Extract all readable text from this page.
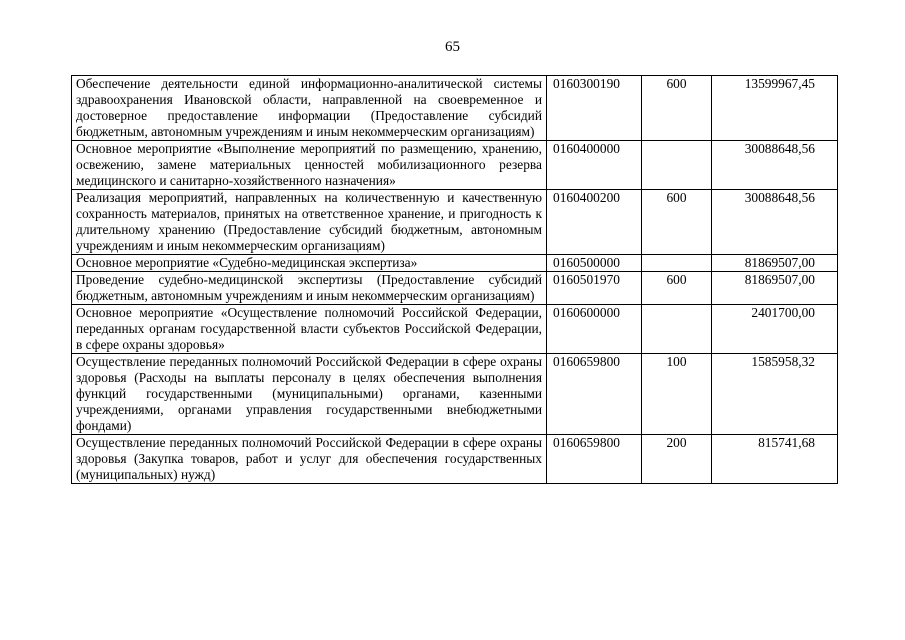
65
Обеспечение деятельности единой информационно-аналитической системы здравоохранения Ивановской области, направленной на своевременное и достоверное предоставление информации (Предоставление субсидий бюджетным, автономным учреждениям и иным некоммерческим организациям)	0160300190	600	13599967,45
Основное мероприятие «Выполнение мероприятий по размещению, хранению, освежению, замене материальных ценностей мобилизационного резерва медицинского и санитарно-хозяйственного назначения»	0160400000		30088648,56
Реализация мероприятий, направленных на количественную и качественную сохранность материалов, принятых на ответственное хранение, и пригодность к длительному хранению (Предоставление субсидий бюджетным, автономным учреждениям и иным некоммерческим организациям)	0160400200	600	30088648,56
Основное мероприятие «Судебно-медицинская экспертиза»	0160500000		81869507,00
Проведение судебно-медицинской экспертизы (Предоставление субсидий бюджетным, автономным учреждениям и иным некоммерческим организациям)	0160501970	600	81869507,00
Основное мероприятие «Осуществление полномочий Российской Федерации, переданных органам государственной власти субъектов Российской Федерации, в сфере охраны здоровья»	0160600000		2401700,00
Осуществление переданных полномочий Российской Федерации в сфере охраны здоровья (Расходы на выплаты персоналу в целях обеспечения выполнения функций государственными (муниципальными) органами, казенными учреждениями, органами управления государственными внебюджетными фондами)	0160659800	100	1585958,32
Осуществление переданных полномочий Российской Федерации в сфере охраны здоровья (Закупка товаров, работ и услуг для обеспечения государственных (муниципальных) нужд)	0160659800	200	815741,68
